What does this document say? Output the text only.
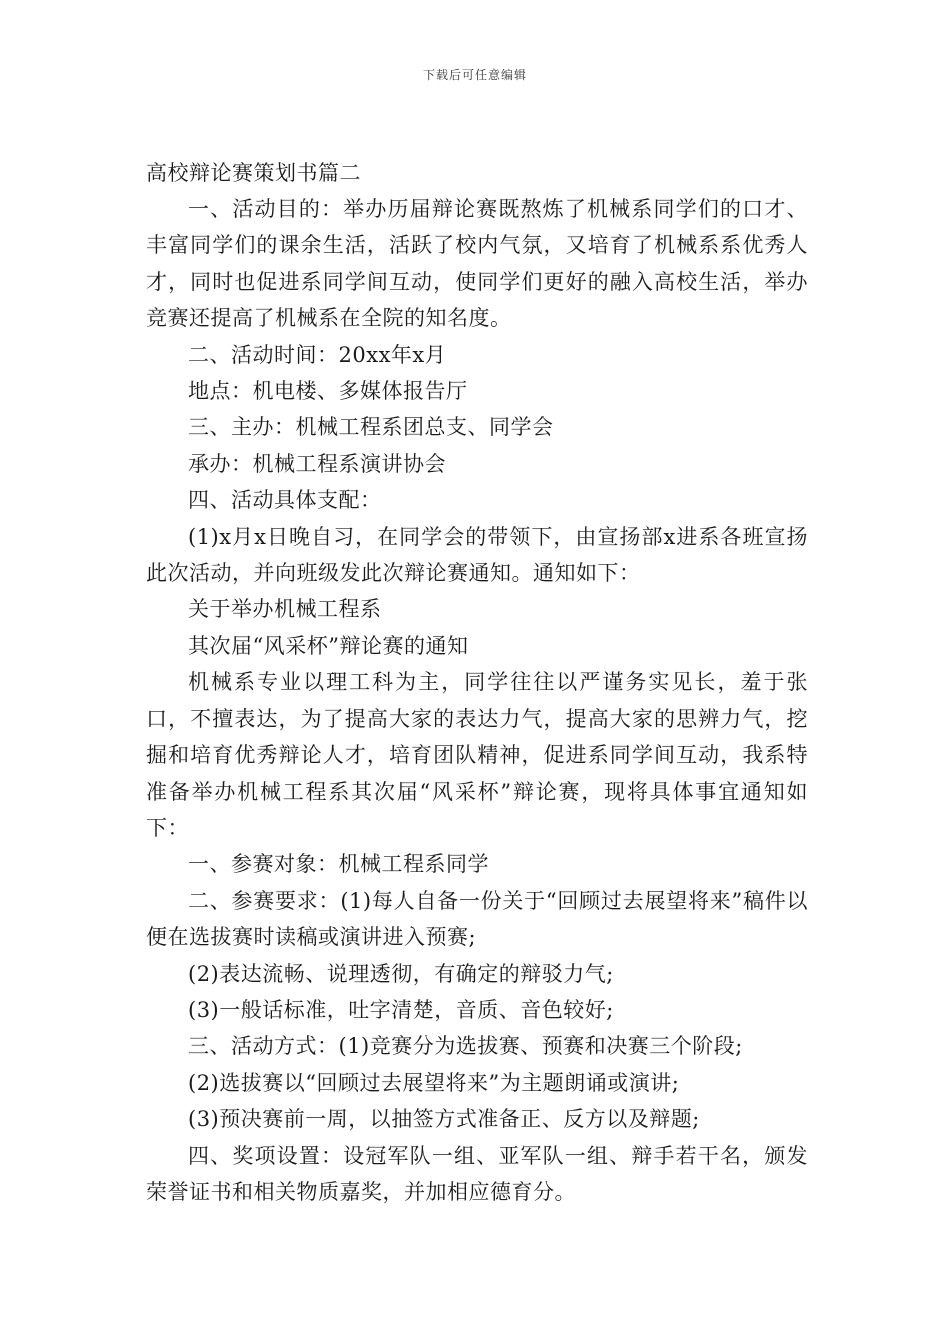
下载后可任意编辑
高校辩论赛策划书篇二

一、活动目的：举办历届辩论赛既熬炼了机械系同学们的口才、丰富同学们的课余生活，活跃了校内气氛，又培育了机械系系优秀人才，同时也促进系同学间互动，使同学们更好的融入高校生活，举办竞赛还提高了机械系在全院的知名度。

二、活动时间：20xx年x月

地点：机电楼、多媒体报告厅

三、主办：机械工程系团总支、同学会

承办：机械工程系演讲协会

四、活动具体支配：

(1)x月x日晚自习，在同学会的带领下，由宣扬部x进系各班宣扬此次活动，并向班级发此次辩论赛通知。通知如下：

关于举办机械工程系

其次届“风采杯”辩论赛的通知

机械系专业以理工科为主，同学往往以严谨务实见长，羞于张口，不擅表达，为了提高大家的表达力气，提高大家的思辨力气，挖掘和培育优秀辩论人才，培育团队精神，促进系同学间互动，我系特准备举办机械工程系其次届“风采杯”辩论赛，现将具体事宜通知如下：

一、参赛对象：机械工程系同学

二、参赛要求：(1)每人自备一份关于“回顾过去展望将来”稿件以便在选拔赛时读稿或演讲进入预赛;

(2)表达流畅、说理透彻，有确定的辩驳力气;

(3)一般话标准，吐字清楚，音质、音色较好;

三、活动方式：(1)竞赛分为选拔赛、预赛和决赛三个阶段;

(2)选拔赛以“回顾过去展望将来”为主题朗诵或演讲;

(3)预决赛前一周，以抽签方式准备正、反方以及辩题;

四、奖项设置：设冠军队一组、亚军队一组、辩手若干名，颁发荣誉证书和相关物质嘉奖，并加相应德育分。
